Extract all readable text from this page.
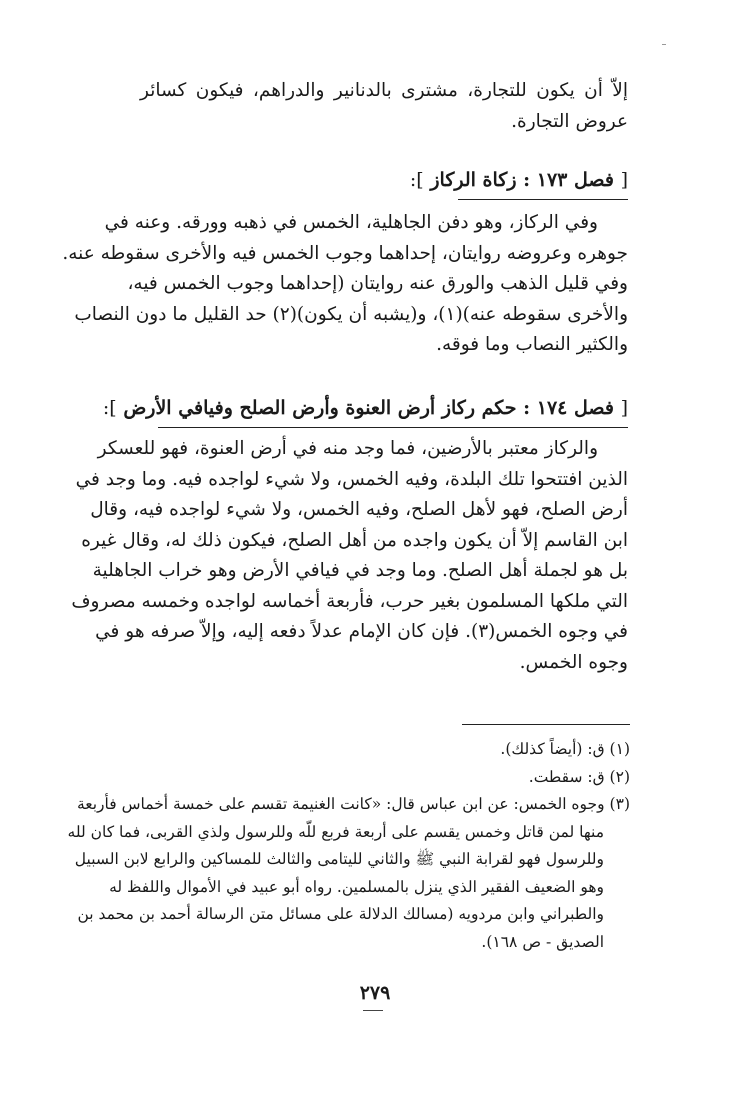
إلاّ أن يكون للتجارة، مشترى بالدنانير والدراهم، فيكون كسائر
عروض التجارة.
[ فصل ١٧٣ : زكاة الركاز ]:
وفي الركاز، وهو دفن الجاهلية، الخمس في ذهبه وورقه. وعنه في
جوهره وعروضه روايتان، إحداهما وجوب الخمس فيه والأخرى سقوطه عنه.
وفي قليل الذهب والورق عنه روايتان (إحداهما وجوب الخمس فيه،
والأخرى سقوطه عنه)(١)، و(يشبه أن يكون)(٢) حد القليل ما دون النصاب
والكثير النصاب وما فوقه.
[ فصل ١٧٤ : حكم ركاز أرض العنوة وأرض الصلح وفيافي الأرض ]:
والركاز معتبر بالأرضين، فما وجد منه في أرض العنوة، فهو للعسكر
الذين افتتحوا تلك البلدة، وفيه الخمس، ولا شيء لواجده فيه. وما وجد في
أرض الصلح، فهو لأهل الصلح، وفيه الخمس، ولا شيء لواجده فيه، وقال
ابن القاسم إلاّ أن يكون واجده من أهل الصلح، فيكون ذلك له، وقال غيره
بل هو لجملة أهل الصلح. وما وجد في فيافي الأرض وهو خراب الجاهلية
التي ملكها المسلمون بغير حرب، فأربعة أخماسه لواجده وخمسه مصروف
في وجوه الخمس(٣). فإن كان الإمام عدلاً دفعه إليه، وإلاّ صرفه هو في
وجوه الخمس.
(١) ق: (أيضاً كذلك).
(٢) ق: سقطت.
(٣) وجوه الخمس: عن ابن عباس قال: «كانت الغنيمة تقسم على خمسة أخماس فأربعة
منها لمن قاتل وخمس يقسم على أربعة فربع للّه وللرسول ولذي القربى، فما كان لله
وللرسول فهو لقرابة النبي ﷺ والثاني لليتامى والثالث للمساكين والرابع لابن السبيل
وهو الضعيف الفقير الذي ينزل بالمسلمين. رواه أبو عبيد في الأموال واللفظ له
والطبراني وابن مردويه (مسالك الدلالة على مسائل متن الرسالة أحمد بن محمد بن
الصديق - ص ١٦٨).
٢٧٩
